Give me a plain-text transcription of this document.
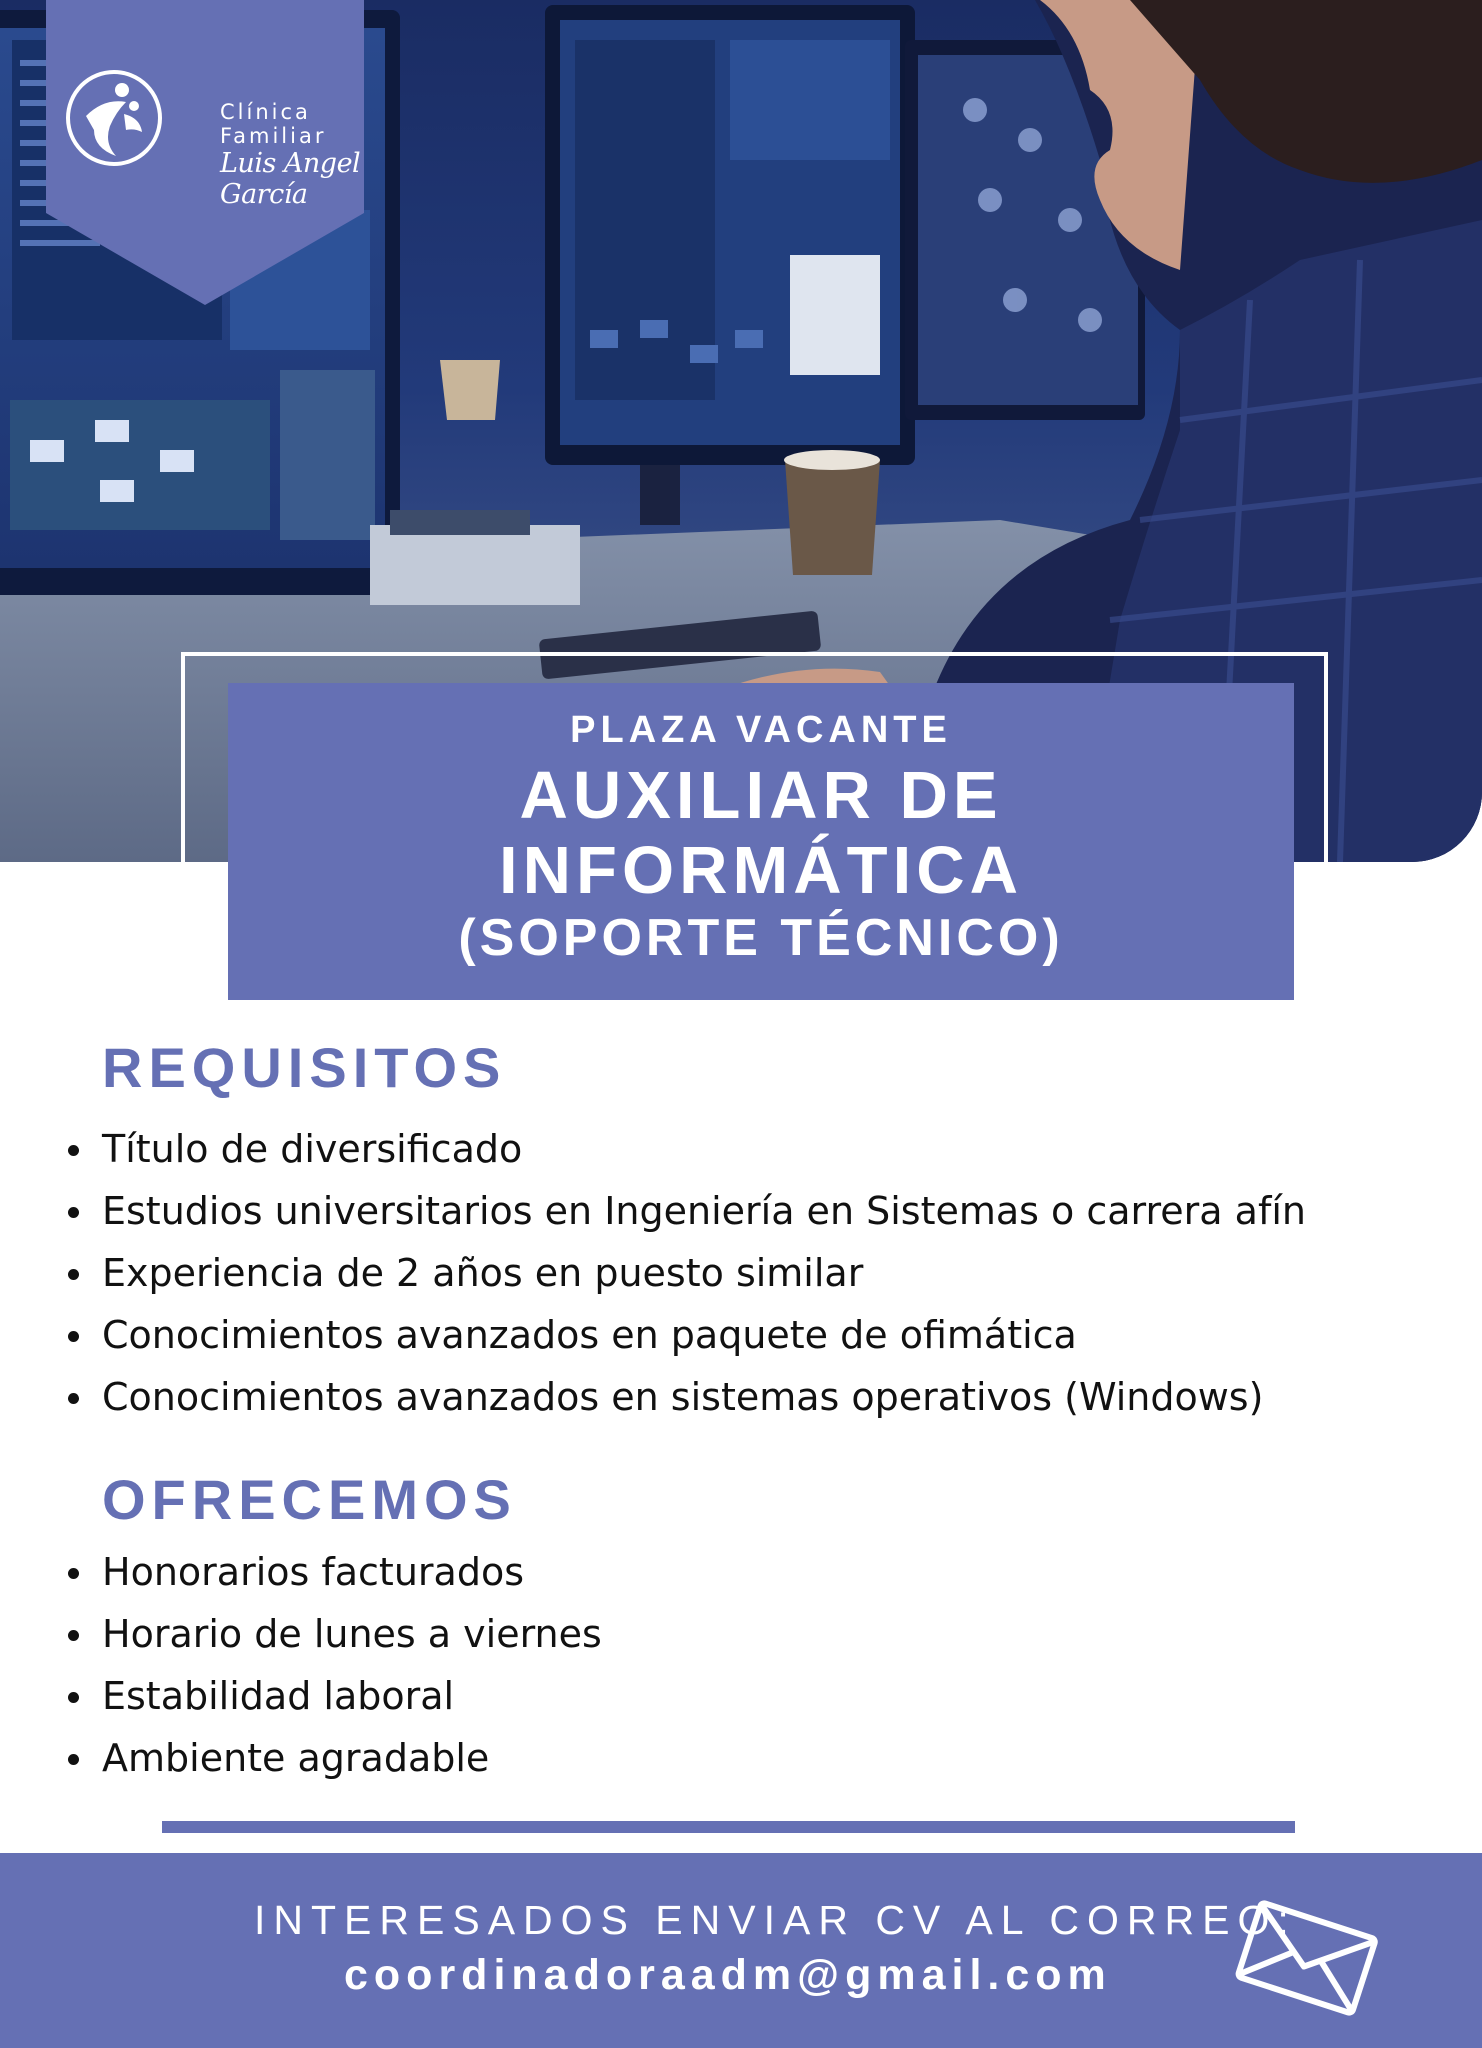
Clínica Familiar
Luis Angel García
PLAZA VACANTE
AUXILIAR DE
INFORMÁTICA
(SOPORTE TÉCNICO)
REQUISITOS
Título de diversificado
Estudios universitarios en Ingeniería en Sistemas o carrera afín
Experiencia de 2 años en puesto similar
Conocimientos avanzados en paquete de ofimática
Conocimientos avanzados en sistemas operativos (Windows)
OFRECEMOS
Honorarios facturados
Horario de lunes a viernes
Estabilidad laboral
Ambiente agradable
INTERESADOS ENVIAR CV AL CORREO:
coordinadoraadm@gmail.com
